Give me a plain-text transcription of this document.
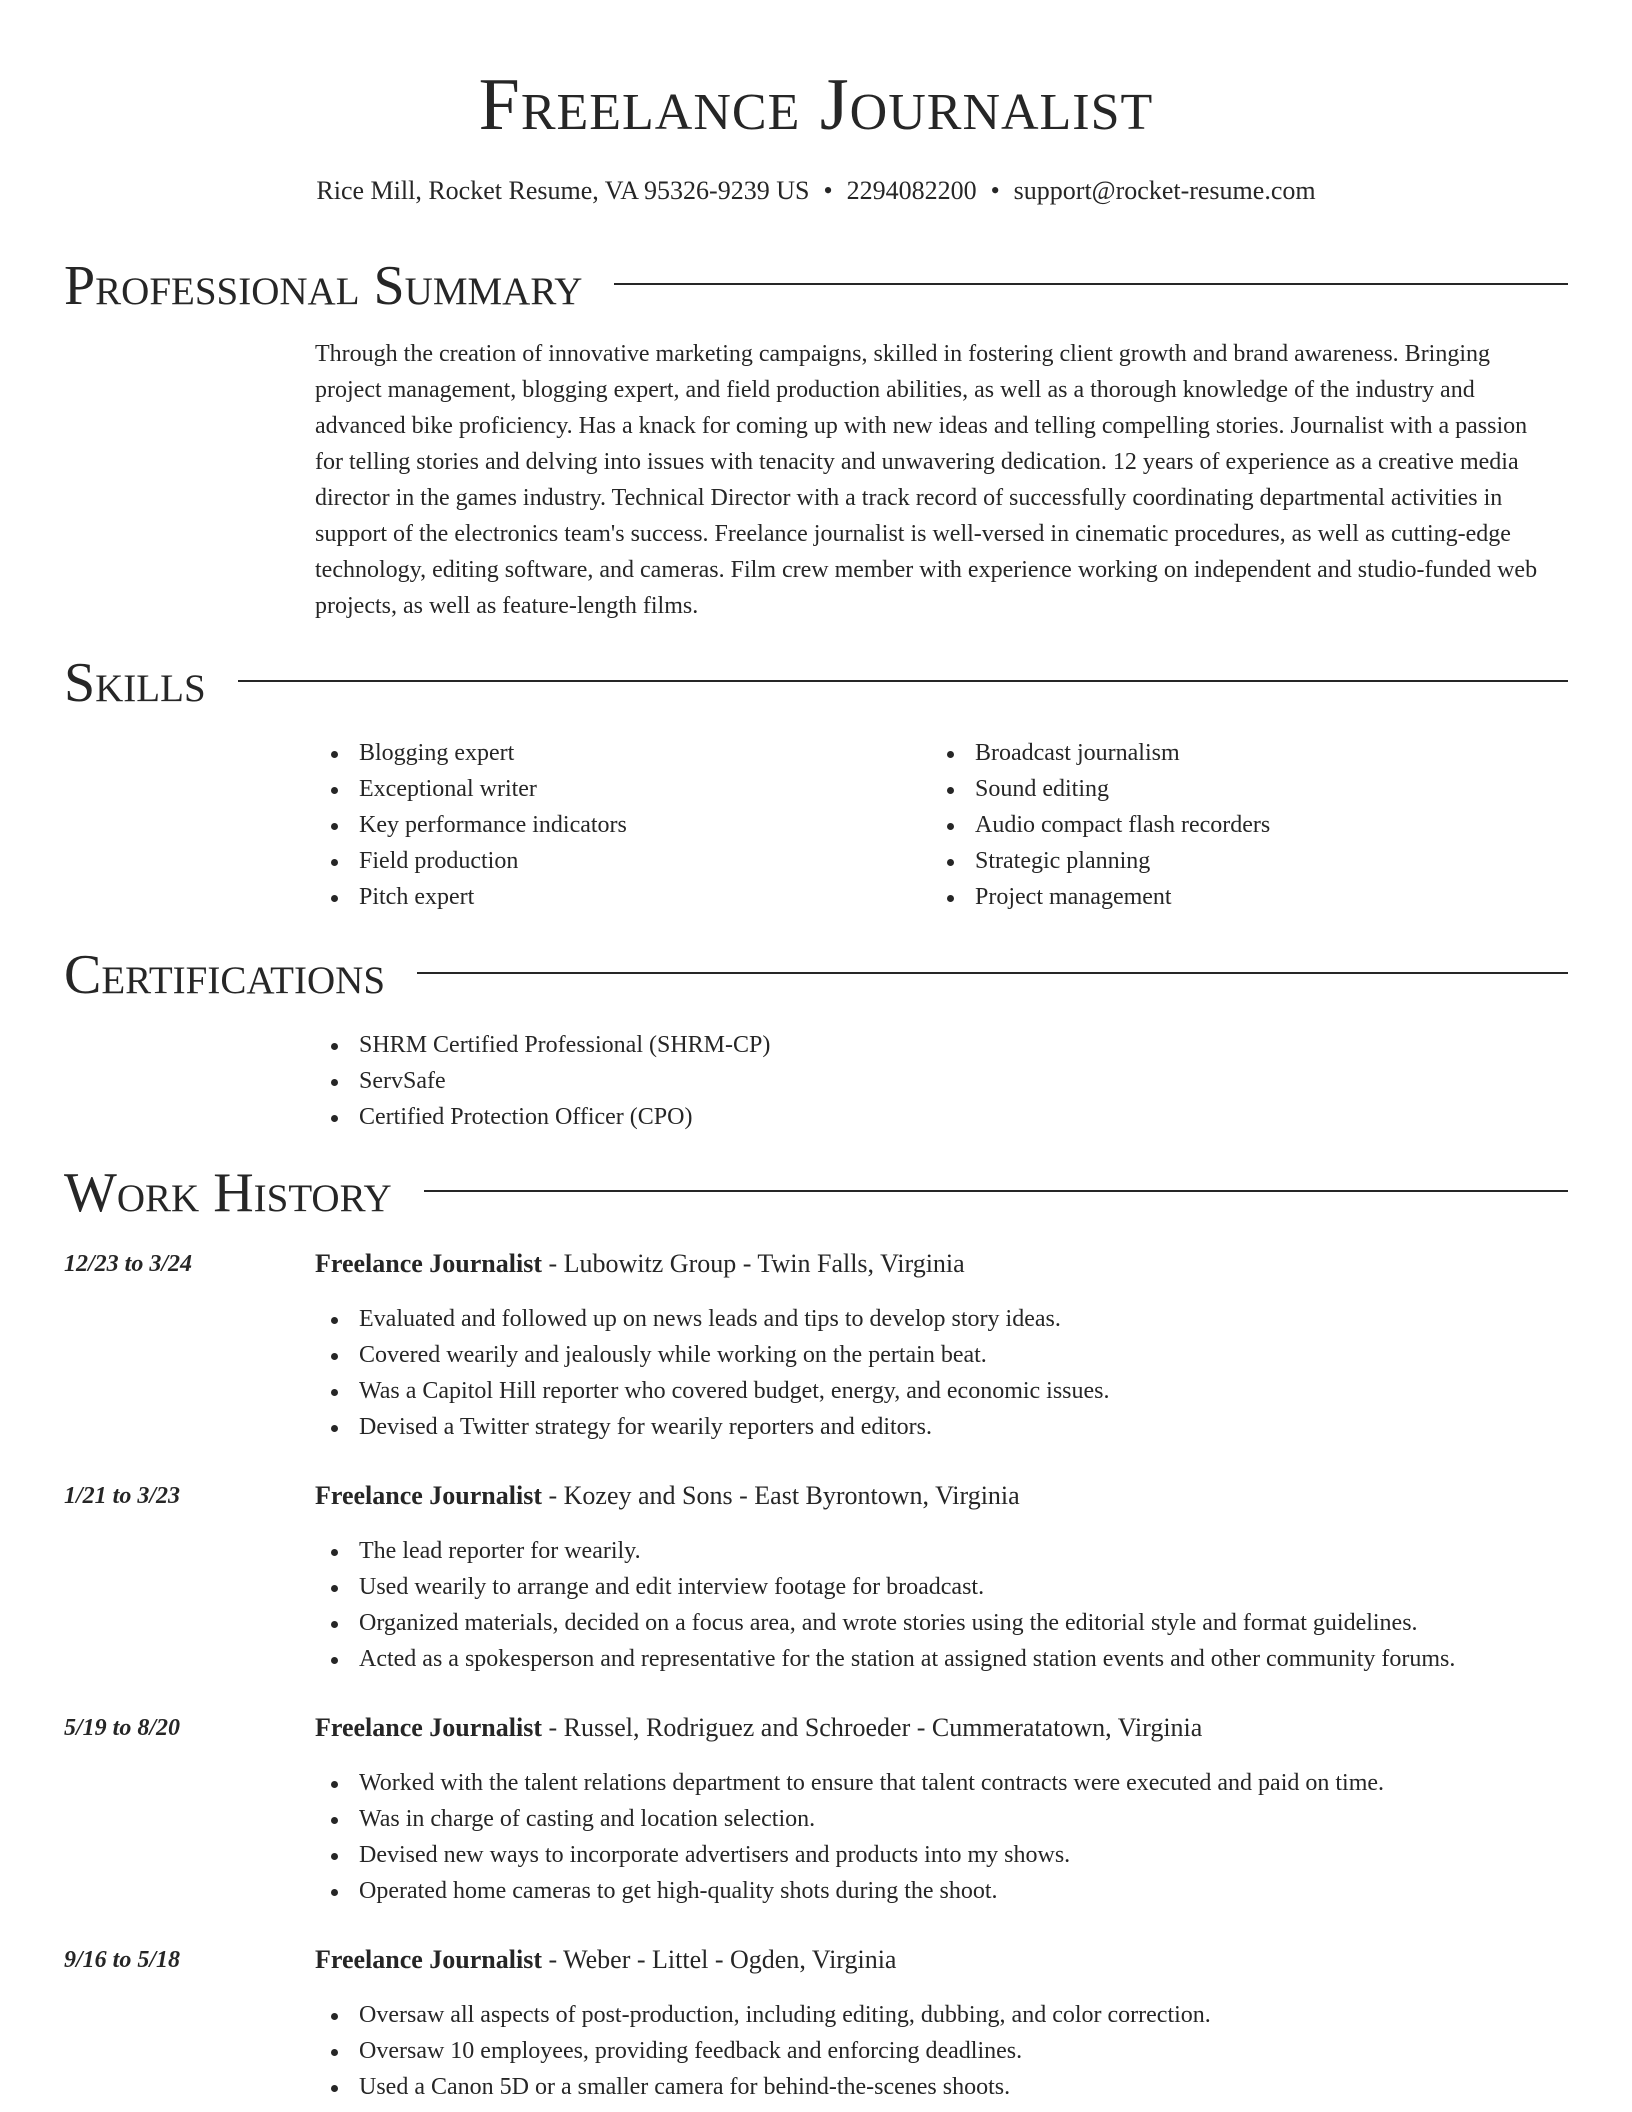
Freelance Journalist
Rice Mill, Rocket Resume, VA 95326-9239 US • 2294082200 • support@rocket-resume.com
Professional Summary

Through the creation of innovative marketing campaigns, skilled in fostering client growth and brand awareness. Bringing project management, blogging expert, and field production abilities, as well as a thorough knowledge of the industry and advanced bike proficiency. Has a knack for coming up with new ideas and telling compelling stories. Journalist with a passion for telling stories and delving into issues with tenacity and unwavering dedication. 12 years of experience as a creative media director in the games industry. Technical Director with a track record of successfully coordinating departmental activities in support of the electronics team's success. Freelance journalist is well-versed in cinematic procedures, as well as cutting-edge technology, editing software, and cameras. Film crew member with experience working on independent and studio-funded web projects, as well as feature-length films.

Skills
Blogging expert
Exceptional writer
Key performance indicators
Field production
Pitch expert
Broadcast journalism
Sound editing
Audio compact flash recorders
Strategic planning
Project management
Certifications
SHRM Certified Professional (SHRM-CP)
ServSafe
Certified Protection Officer (CPO)
Work History
12/23 to 3/24	Freelance Journalist - Lubowitz Group - Twin Falls, Virginia
Evaluated and followed up on news leads and tips to develop story ideas.
Covered wearily and jealously while working on the pertain beat.
Was a Capitol Hill reporter who covered budget, energy, and economic issues.
Devised a Twitter strategy for wearily reporters and editors.
1/21 to 3/23	Freelance Journalist - Kozey and Sons - East Byrontown, Virginia
The lead reporter for wearily.
Used wearily to arrange and edit interview footage for broadcast.
Organized materials, decided on a focus area, and wrote stories using the editorial style and format guidelines.
Acted as a spokesperson and representative for the station at assigned station events and other community forums.
5/19 to 8/20	Freelance Journalist - Russel, Rodriguez and Schroeder - Cummeratatown, Virginia
Worked with the talent relations department to ensure that talent contracts were executed and paid on time.
Was in charge of casting and location selection.
Devised new ways to incorporate advertisers and products into my shows.
Operated home cameras to get high-quality shots during the shoot.
9/16 to 5/18	Freelance Journalist - Weber - Littel - Ogden, Virginia
Oversaw all aspects of post-production, including editing, dubbing, and color correction.
Oversaw 10 employees, providing feedback and enforcing deadlines.
Used a Canon 5D or a smaller camera for behind-the-scenes shoots.
